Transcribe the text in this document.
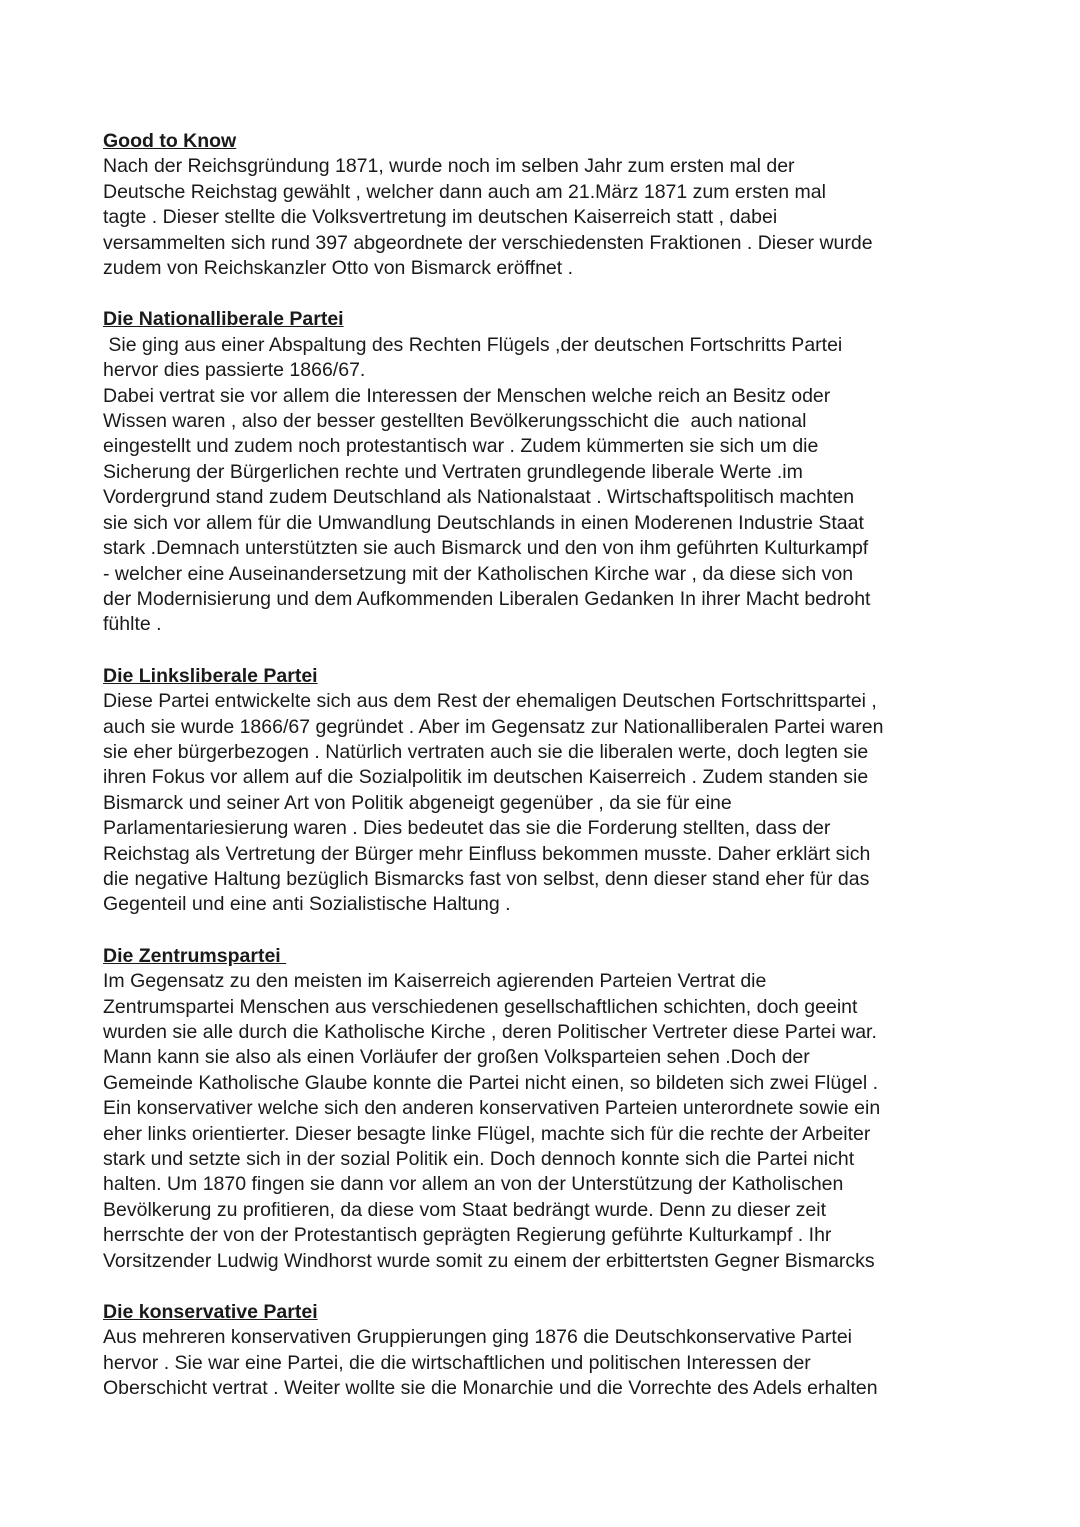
Good to Know

Nach der Reichsgründung 1871, wurde noch im selben Jahr zum ersten mal der

Deutsche Reichstag gewählt , welcher dann auch am 21.März 1871 zum ersten mal

tagte . Dieser stellte die Volksvertretung im deutschen Kaiserreich statt , dabei

versammelten sich rund 397 abgeordnete der verschiedensten Fraktionen . Dieser wurde

zudem von Reichskanzler Otto von Bismarck eröffnet .

Die Nationalliberale Partei

Sie ging aus einer Abspaltung des Rechten Flügels ,der deutschen Fortschritts Partei

hervor dies passierte 1866/67.

Dabei vertrat sie vor allem die Interessen der Menschen welche reich an Besitz oder

Wissen waren , also der besser gestellten Bevölkerungsschicht die  auch national

eingestellt und zudem noch protestantisch war . Zudem kümmerten sie sich um die

Sicherung der Bürgerlichen rechte und Vertraten grundlegende liberale Werte .im

Vordergrund stand zudem Deutschland als Nationalstaat . Wirtschaftspolitisch machten

sie sich vor allem für die Umwandlung Deutschlands in einen Moderenen Industrie Staat

stark .Demnach unterstützten sie auch Bismarck und den von ihm geführten Kulturkampf

- welcher eine Auseinandersetzung mit der Katholischen Kirche war , da diese sich von

der Modernisierung und dem Aufkommenden Liberalen Gedanken In ihrer Macht bedroht

fühlte .

Die Linksliberale Partei

Diese Partei entwickelte sich aus dem Rest der ehemaligen Deutschen Fortschrittspartei ,

auch sie wurde 1866/67 gegründet . Aber im Gegensatz zur Nationalliberalen Partei waren

sie eher bürgerbezogen . Natürlich vertraten auch sie die liberalen werte, doch legten sie

ihren Fokus vor allem auf die Sozialpolitik im deutschen Kaiserreich . Zudem standen sie

Bismarck und seiner Art von Politik abgeneigt gegenüber , da sie für eine

Parlamentariesierung waren . Dies bedeutet das sie die Forderung stellten, dass der

Reichstag als Vertretung der Bürger mehr Einfluss bekommen musste. Daher erklärt sich

die negative Haltung bezüglich Bismarcks fast von selbst, denn dieser stand eher für das

Gegenteil und eine anti Sozialistische Haltung .

Die Zentrumspartei

Im Gegensatz zu den meisten im Kaiserreich agierenden Parteien Vertrat die

Zentrumspartei Menschen aus verschiedenen gesellschaftlichen schichten, doch geeint

wurden sie alle durch die Katholische Kirche , deren Politischer Vertreter diese Partei war.

Mann kann sie also als einen Vorläufer der großen Volksparteien sehen .Doch der

Gemeinde Katholische Glaube konnte die Partei nicht einen, so bildeten sich zwei Flügel .

Ein konservativer welche sich den anderen konservativen Parteien unterordnete sowie ein

eher links orientierter. Dieser besagte linke Flügel, machte sich für die rechte der Arbeiter

stark und setzte sich in der sozial Politik ein. Doch dennoch konnte sich die Partei nicht

halten. Um 1870 fingen sie dann vor allem an von der Unterstützung der Katholischen

Bevölkerung zu profitieren, da diese vom Staat bedrängt wurde. Denn zu dieser zeit

herrschte der von der Protestantisch geprägten Regierung geführte Kulturkampf . Ihr

Vorsitzender Ludwig Windhorst wurde somit zu einem der erbittertsten Gegner Bismarcks

Die konservative Partei

Aus mehreren konservativen Gruppierungen ging 1876 die Deutschkonservative Partei

hervor . Sie war eine Partei, die die wirtschaftlichen und politischen Interessen der

Oberschicht vertrat . Weiter wollte sie die Monarchie und die Vorrechte des Adels erhalten
